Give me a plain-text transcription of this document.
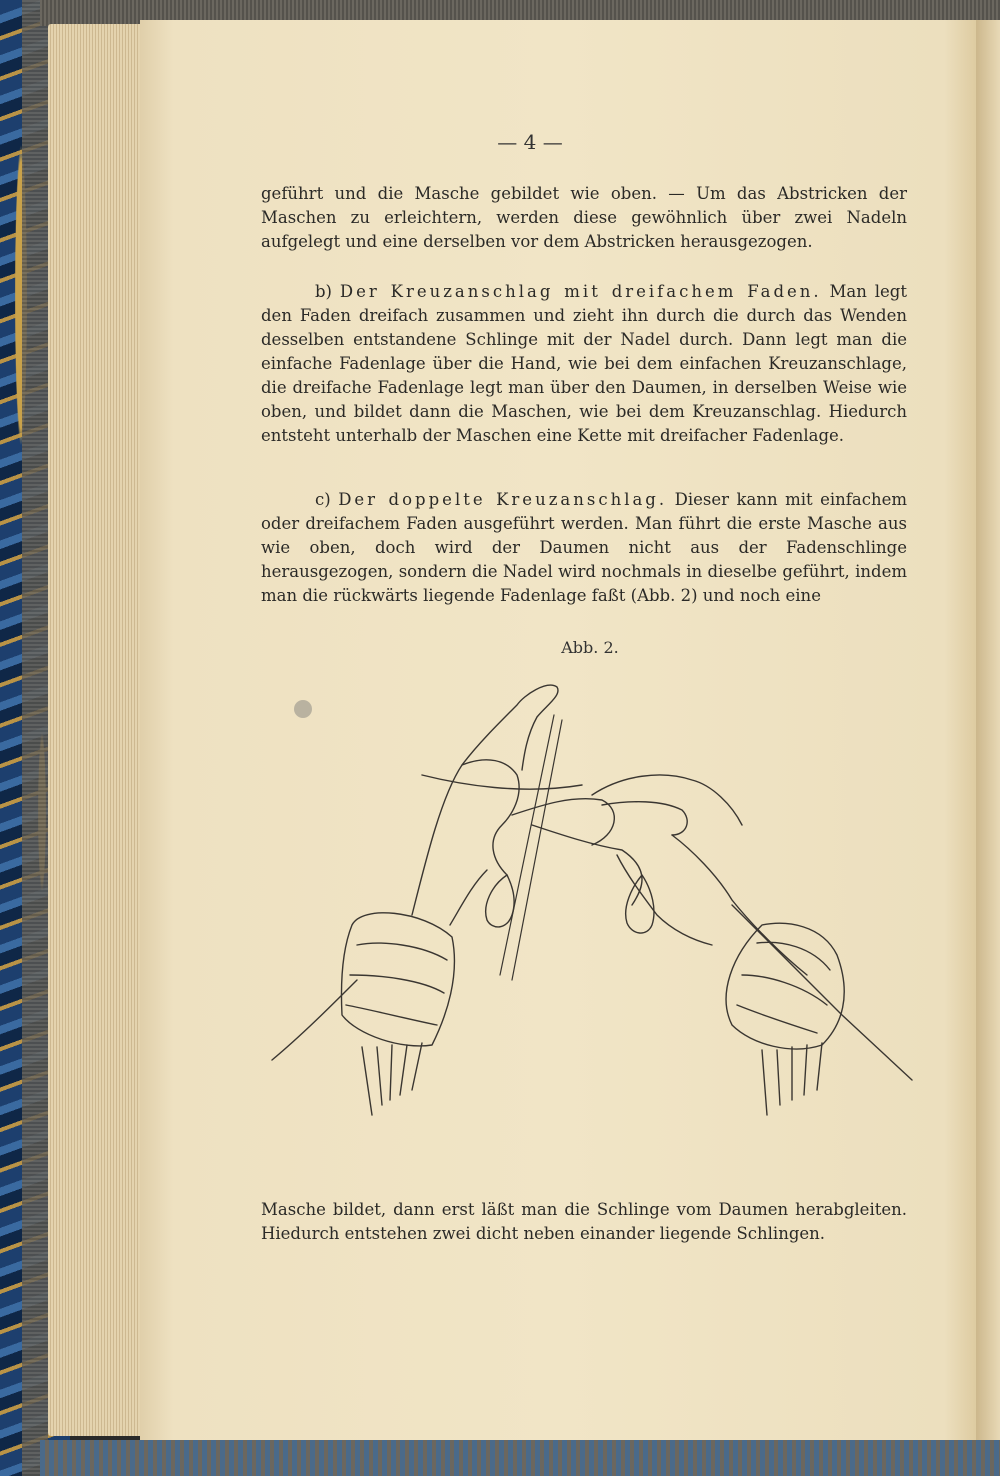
— 4 —

geführt und die Masche gebildet wie oben. — Um das Abstricken der Maschen zu erleichtern, werden diese gewöhnlich über zwei Nadeln aufgelegt und eine derselben vor dem Abstricken herausgezogen.

b) Der Kreuzanschlag mit dreifachem Faden. Man legt den Faden dreifach zusammen und zieht ihn durch die durch das Wenden desselben entstandene Schlinge mit der Nadel durch. Dann legt man die einfache Fadenlage über die Hand, wie bei dem einfachen Kreuzanschlage, die dreifache Fadenlage legt man über den Daumen, in derselben Weise wie oben, und bildet dann die Maschen, wie bei dem Kreuzanschlag. Hiedurch entsteht unterhalb der Maschen eine Kette mit dreifacher Fadenlage.

c) Der doppelte Kreuzanschlag. Dieser kann mit einfachem oder dreifachem Faden ausgeführt werden. Man führt die erste Masche aus wie oben, doch wird der Daumen nicht aus der Fadenschlinge herausgezogen, sondern die Nadel wird nochmals in dieselbe geführt, indem man die rückwärts liegende Fadenlage faßt (Abb. 2) und noch eine

Abb. 2.

Masche bildet, dann erst läßt man die Schlinge vom Daumen herabgleiten. Hiedurch entstehen zwei dicht neben einander liegende Schlingen.
